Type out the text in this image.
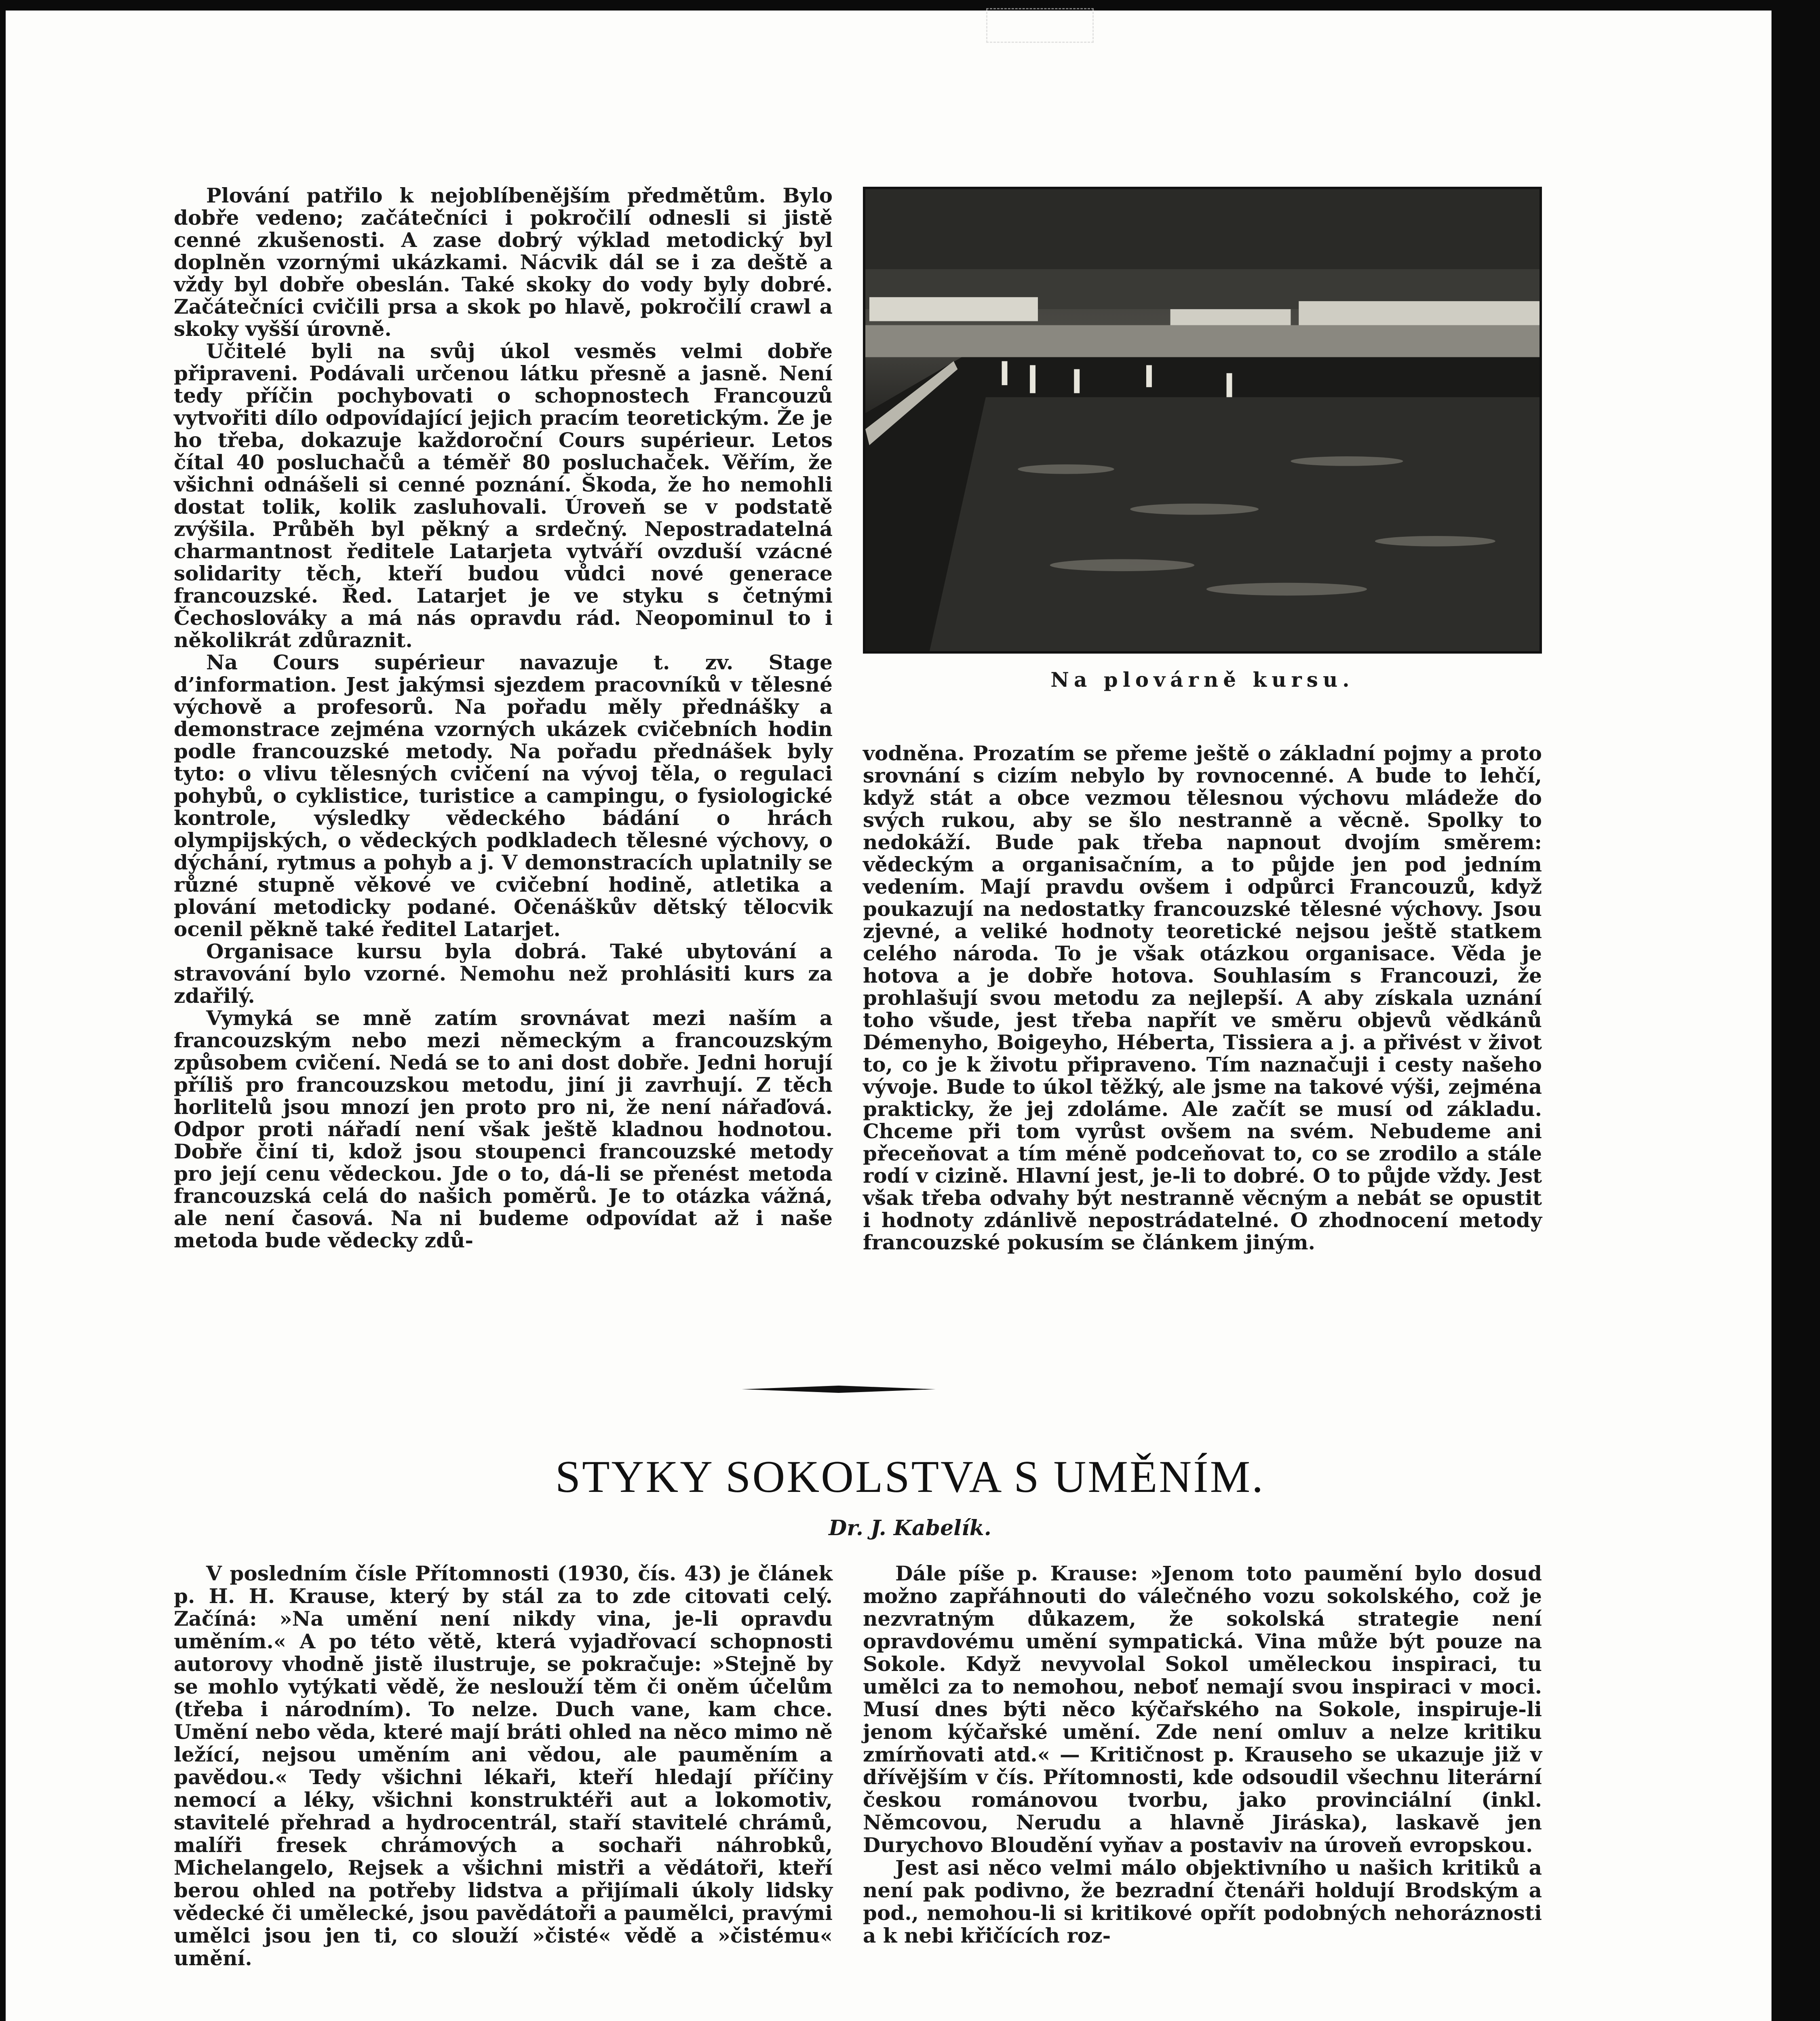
Plování patřilo k nejoblíbenějším předmětům. Bylo dobře vedeno; začátečníci i pokročilí odnesli si jistě cenné zkušenosti. A zase dobrý výklad metodický byl doplněn vzornými ukázkami. Nácvik dál se i za deště a vždy byl dobře obeslán. Také skoky do vody byly dobré. Začátečníci cvičili prsa a skok po hlavě, pokročilí crawl a skoky vyšší úrovně.

Učitelé byli na svůj úkol vesměs velmi dobře připraveni. Podávali určenou látku přesně a jasně. Není tedy příčin pochybovati o schopnostech Francouzů vytvořiti dílo odpovídající jejich pracím teoretickým. Že je ho třeba, dokazuje každoroční Cours supérieur. Letos čítal 40 posluchačů a téměř 80 posluchaček. Věřím, že všichni odnášeli si cenné poznání. Škoda, že ho nemohli dostat tolik, kolik zasluhovali. Úroveň se v podstatě zvýšila. Průběh byl pěkný a srdečný. Nepostradatelná charmantnost ředitele Latarjeta vytváří ovzduší vzácné solidarity těch, kteří budou vůdci nové generace francouzské. Řed. Latarjet je ve styku s četnými Čechoslováky a má nás opravdu rád. Neopominul to i několikrát zdůraznit.

Na Cours supérieur navazuje t. zv. Stage d’information. Jest jakýmsi sjezdem pracovníků v tělesné výchově a profesorů. Na pořadu měly přednášky a demonstrace zejména vzorných ukázek cvičebních hodin podle francouzské metody. Na pořadu přednášek byly tyto: o vlivu tělesných cvičení na vývoj těla, o regulaci pohybů, o cyklistice, turistice a campingu, o fysiologické kontrole, výsledky vědeckého bádání o hrách olympijských, o vědeckých podkladech tělesné výchovy, o dýchání, rytmus a pohyb a j. V demonstracích uplatnily se různé stupně věkové ve cvičební hodině, atletika a plování metodicky podané. Očenáškův dětský tělocvik ocenil pěkně také ředitel Latarjet.

Organisace kursu byla dobrá. Také ubytování a stravování bylo vzorné. Nemohu než prohlásiti kurs za zdařilý.

Vymyká se mně zatím srovnávat mezi naším a francouzským nebo mezi německým a francouzským způsobem cvičení. Nedá se to ani dost dobře. Jedni horují příliš pro francouzskou metodu, jiní ji zavrhují. Z těch horlitelů jsou mnozí jen proto pro ni, že není nářaďová. Odpor proti nářadí není však ještě kladnou hodnotou. Dobře činí ti, kdož jsou stoupenci francouzské metody pro její cenu vědeckou. Jde o to, dá-li se přenést metoda francouzská celá do našich poměrů. Je to otázka vážná, ale není časová. Na ni budeme odpovídat až i naše metoda bude vědecky zdů-

Na plovárně kursu.

vodněna. Prozatím se přeme ještě o základní pojmy a proto srovnání s cizím nebylo by rovnocenné. A bude to lehčí, když stát a obce vezmou tělesnou výchovu mládeže do svých rukou, aby se šlo nestranně a věcně. Spolky to nedokáží. Bude pak třeba napnout dvojím směrem: vědeckým a organisačním, a to půjde jen pod jedním vedením. Mají pravdu ovšem i odpůrci Francouzů, když poukazují na nedostatky francouzské tělesné výchovy. Jsou zjevné, a veliké hodnoty teoretické nejsou ještě statkem celého národa. To je však otázkou organisace. Věda je hotova a je dobře hotova. Souhlasím s Francouzi, že prohlašují svou metodu za nejlepší. A aby získala uznání toho všude, jest třeba napřít ve směru objevů vědkánů Démenyho, Boigeyho, Héberta, Tissiera a j. a přivést v život to, co je k životu připraveno. Tím naznačuji i cesty našeho vývoje. Bude to úkol těžký, ale jsme na takové výši, zejména prakticky, že jej zdoláme. Ale začít se musí od základu. Chceme při tom vyrůst ovšem na svém. Nebudeme ani přeceňovat a tím méně podceňovat to, co se zrodilo a stále rodí v cizině. Hlavní jest, je-li to dobré. O to půjde vždy. Jest však třeba odvahy být nestranně věcným a nebát se opustit i hodnoty zdánlivě nepostrádatelné. O zhodnocení metody francouzské pokusím se článkem jiným.

STYKY SOKOLSTVA S UMĚNÍM.
Dr. J. Kabelík.

V posledním čísle Přítomnosti (1930, čís. 43) je článek p. H. H. Krause, který by stál za to zde citovati celý. Začíná: »Na umění není nikdy vina, je-li opravdu uměním.« A po této větě, která vyjadřovací schopnosti autorovy vhodně jistě ilustruje, se pokračuje: »Stejně by se mohlo vytýkati vědě, že neslouží těm či oněm účelům (třeba i národním). To nelze. Duch vane, kam chce. Umění nebo věda, které mají bráti ohled na něco mimo ně ležící, nejsou uměním ani vědou, ale pauměním a pavědou.« Tedy všichni lékaři, kteří hledají příčiny nemocí a léky, všichni konstruktéři aut a lokomotiv, stavitelé přehrad a hydrocentrál, staří stavitelé chrámů, malíři fresek chrámových a sochaři náhrobků, Michelangelo, Rejsek a všichni mistři a vědátoři, kteří berou ohled na potřeby lidstva a přijímali úkoly lidsky vědecké či umělecké, jsou pavědátoři a paumělci, pravými umělci jsou jen ti, co slouží »čisté« vědě a »čistému« umění.

Dále píše p. Krause: »Jenom toto paumění bylo dosud možno zapřáhnouti do válečného vozu sokolského, což je nezvratným důkazem, že sokolská strategie není opravdovému umění sympatická. Vina může být pouze na Sokole. Když nevyvolal Sokol uměleckou inspiraci, tu umělci za to nemohou, neboť nemají svou inspiraci v moci. Musí dnes býti něco kýčařského na Sokole, inspiruje-li jenom kýčařské umění. Zde není omluv a nelze kritiku zmírňovati atd.« — Kritičnost p. Krauseho se ukazuje již v dřívějším v čís. Přítomnosti, kde odsoudil všechnu literární českou románovou tvorbu, jako provinciální (inkl. Němcovou, Nerudu a hlavně Jiráska), laskavě jen Durychovo Bloudění vyňav a postaviv na úroveň evropskou.

Jest asi něco velmi málo objektivního u našich kritiků a není pak podivno, že bezradní čtenáři holdují Brodským a pod., nemohou-li si kritikové opřít podobných nehoráznosti a k nebi křičících roz-
